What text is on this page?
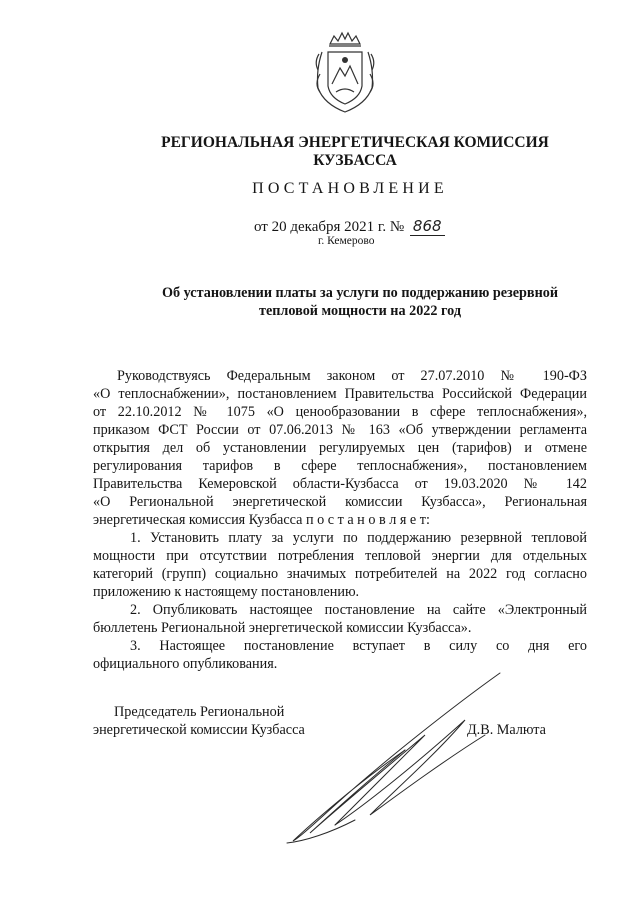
РЕГИОНАЛЬНАЯ ЭНЕРГЕТИЧЕСКАЯ КОМИССИЯ
КУЗБАССА
ПОСТАНОВЛЕНИЕ
от 20 декабря 2021 г. № 868
г. Кемерово
Об установлении платы за услуги по поддержанию резервной
тепловой мощности на 2022 год
Руководствуясь Федеральным законом от 27.07.2010 № 190-ФЗ
«О теплоснабжении», постановлением Правительства Российской Федерации
от 22.10.2012 № 1075 «О ценообразовании в сфере теплоснабжения»,
приказом ФСТ России от 07.06.2013 № 163 «Об утверждении регламента
открытия дел об установлении регулируемых цен (тарифов) и отмене
регулирования тарифов в сфере теплоснабжения», постановлением
Правительства Кемеровской области-Кузбасса от 19.03.2020 № 142
«О Региональной энергетической комиссии Кузбасса», Региональная
энергетическая комиссия Кузбасса п о с т а н о в л я е т:
1. Установить плату за услуги по поддержанию резервной тепловой
мощности при отсутствии потребления тепловой энергии для отдельных
категорий (групп) социально значимых потребителей на 2022 год согласно
приложению к настоящему постановлению.
2. Опубликовать настоящее постановление на сайте «Электронный
бюллетень Региональной энергетической комиссии Кузбасса».
3. Настоящее постановление вступает в силу со дня его
официального опубликования.
Председатель Региональной
энергетической комиссии Кузбасса	Д.В. Малюта
